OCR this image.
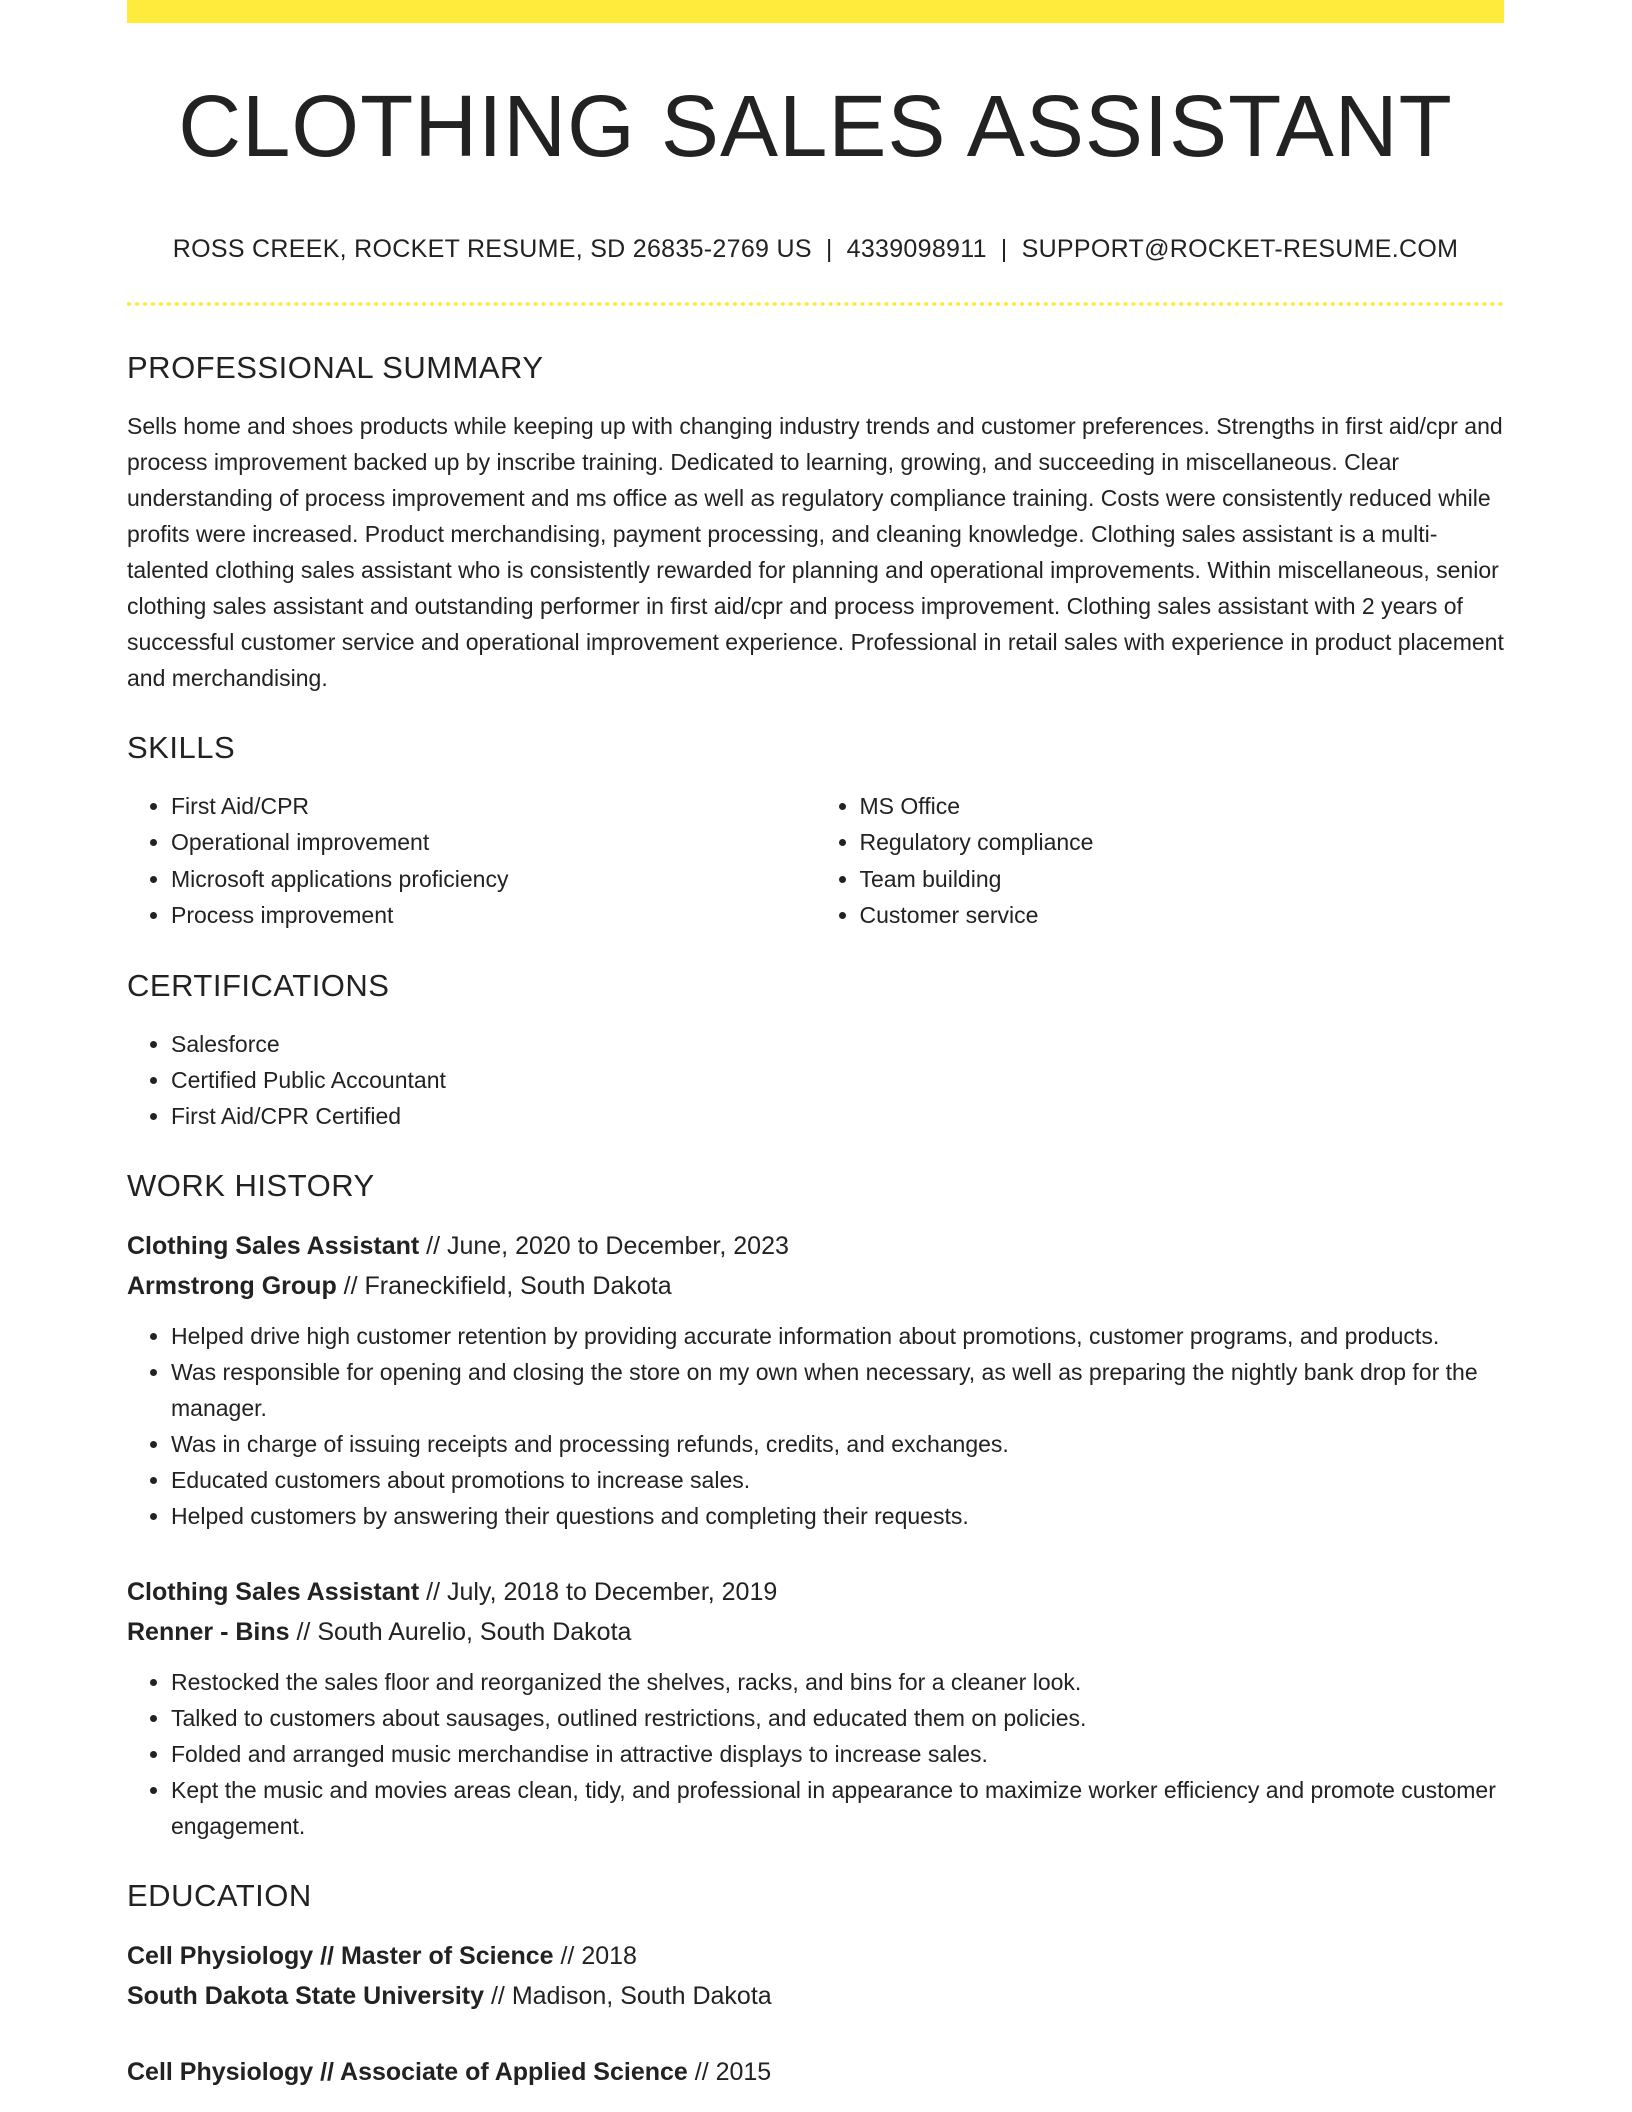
CLOTHING SALES ASSISTANT
ROSS CREEK, ROCKET RESUME, SD 26835-2769 US | 4339098911 | SUPPORT@ROCKET-RESUME.COM
PROFESSIONAL SUMMARY

Sells home and shoes products while keeping up with changing industry trends and customer preferences. Strengths in first aid/cpr and process improvement backed up by inscribe training. Dedicated to learning, growing, and succeeding in miscellaneous. Clear understanding of process improvement and ms office as well as regulatory compliance training. Costs were consistently reduced while profits were increased. Product merchandising, payment processing, and cleaning knowledge. Clothing sales assistant is a multi-talented clothing sales assistant who is consistently rewarded for planning and operational improvements. Within miscellaneous, senior clothing sales assistant and outstanding performer in first aid/cpr and process improvement. Clothing sales assistant with 2 years of successful customer service and operational improvement experience. Professional in retail sales with experience in product placement and merchandising.

SKILLS
• First Aid/CPR
• Operational improvement
• Microsoft applications proficiency
• Process improvement
• MS Office
• Regulatory compliance
• Team building
• Customer service
CERTIFICATIONS
• Salesforce
• Certified Public Accountant
• First Aid/CPR Certified
WORK HISTORY
Clothing Sales Assistant // June, 2020 to December, 2023
Armstrong Group // Franeckifield, South Dakota
• Helped drive high customer retention by providing accurate information about promotions, customer programs, and products.
• Was responsible for opening and closing the store on my own when necessary, as well as preparing the nightly bank drop for the manager.
• Was in charge of issuing receipts and processing refunds, credits, and exchanges.
• Educated customers about promotions to increase sales.
• Helped customers by answering their questions and completing their requests.
Clothing Sales Assistant // July, 2018 to December, 2019
Renner - Bins // South Aurelio, South Dakota
• Restocked the sales floor and reorganized the shelves, racks, and bins for a cleaner look.
• Talked to customers about sausages, outlined restrictions, and educated them on policies.
• Folded and arranged music merchandise in attractive displays to increase sales.
• Kept the music and movies areas clean, tidy, and professional in appearance to maximize worker efficiency and promote customer engagement.
EDUCATION
Cell Physiology // Master of Science // 2018
South Dakota State University // Madison, South Dakota
Cell Physiology // Associate of Applied Science // 2015
